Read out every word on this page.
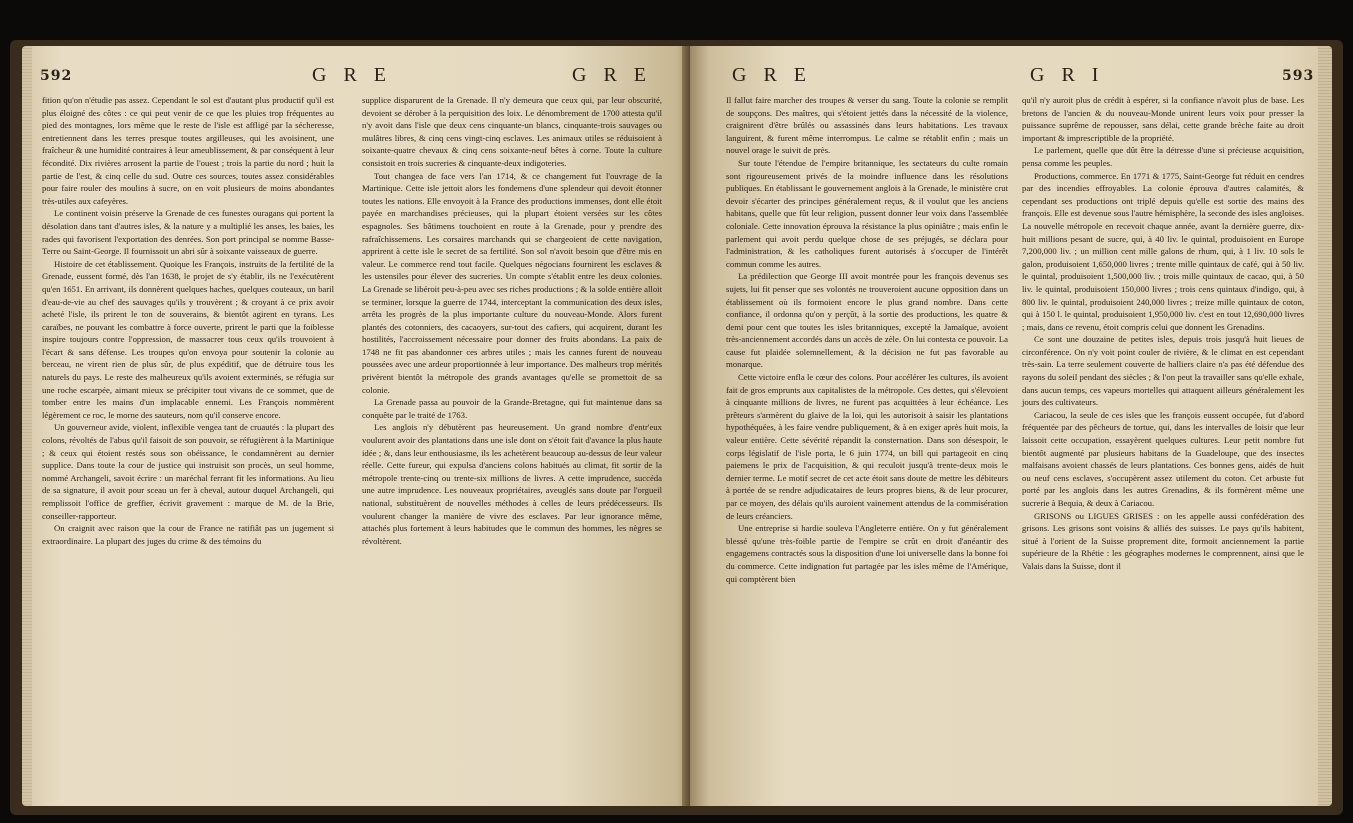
592	G R E	G R E

fition qu'on n'étudie pas assez. Cependant le sol est d'autant plus productif qu'il est plus éloigné des côtes : ce qui peut venir de ce que les pluies trop fréquentes au pied des montagnes, lors même que le reste de l'isle est affligé par la sécheresse, entretiennent dans les terres presque toutes argilleuses, qui les avoisinent, une fraîcheur & une humidité contraires à leur ameublissement, & par conséquent à leur fécondité. Dix rivières arrosent la partie de l'ouest ; trois la partie du nord ; huit la partie de l'est, & cinq celle du sud. Outre ces sources, toutes assez considérables pour faire rouler des moulins à sucre, on en voit plusieurs de moins abondantes très-utiles aux cafeyères.

Le continent voisin préserve la Grenade de ces funestes ouragans qui portent la désolation dans tant d'autres isles, & la nature y a multiplié les anses, les baies, les rades qui favorisent l'exportation des denrées. Son port principal se nomme Basse-Terre ou Saint-George. Il fournissoit un abri sûr à soixante vaisseaux de guerre.

Histoire de cet établissement. Quoique les François, instruits de la fertilité de la Grenade, eussent formé, dès l'an 1638, le projet de s'y établir, ils ne l'exécutèrent qu'en 1651. En arrivant, ils donnèrent quelques haches, quelques couteaux, un baril d'eau-de-vie au chef des sauvages qu'ils y trouvèrent ; & croyant à ce prix avoir acheté l'isle, ils prirent le ton de souverains, & bientôt agirent en tyrans. Les caraïbes, ne pouvant les combattre à force ouverte, prirent le parti que la foiblesse inspire toujours contre l'oppression, de massacrer tous ceux qu'ils trouvoient à l'écart & sans défense. Les troupes qu'on envoya pour soutenir la colonie au berceau, ne virent rien de plus sûr, de plus expéditif, que de détruire tous les naturels du pays. Le reste des malheureux qu'ils avoient exterminés, se réfugia sur une roche escarpée, aimant mieux se précipiter tout vivans de ce sommet, que de tomber entre les mains d'un implacable ennemi. Les François nommèrent légèrement ce roc, le morne des sauteurs, nom qu'il conserve encore.

Un gouverneur avide, violent, inflexible vengea tant de cruautés : la plupart des colons, révoltés de l'abus qu'il faisoit de son pouvoir, se réfugièrent à la Martinique ; & ceux qui étoient restés sous son obéissance, le condamnèrent au dernier supplice. Dans toute la cour de justice qui instruisit son procès, un seul homme, nommé Archangeli, savoit écrire : un maréchal ferrant fit les informations. Au lieu de sa signature, il avoit pour sceau un fer à cheval, autour duquel Archangeli, qui remplissoit l'office de greffier, écrivit gravement : marque de M. de la Brie, conseiller-rapporteur.

On craignit avec raison que la cour de France ne ratifiât pas un jugement si extraordinaire. La plupart des juges du crime & des témoins du

supplice disparurent de la Grenade. Il n'y demeura que ceux qui, par leur obscurité, devoient se dérober à la perquisition des loix. Le dénombrement de 1700 attesta qu'il n'y avoit dans l'isle que deux cens cinquante-un blancs, cinquante-trois sauvages ou mulâtres libres, & cinq cens vingt-cinq esclaves. Les animaux utiles se réduisoient à soixante-quatre chevaux & cinq cens soixante-neuf bêtes à corne. Toute la culture consistoit en trois sucreries & cinquante-deux indigoteries.

Tout changea de face vers l'an 1714, & ce changement fut l'ouvrage de la Martinique. Cette isle jettoit alors les fondemens d'une splendeur qui devoit étonner toutes les nations. Elle envoyoit à la France des productions immenses, dont elle étoit payée en marchandises précieuses, qui la plupart étoient versées sur les côtes espagnoles. Ses bâtimens touchoient en route à la Grenade, pour y prendre des rafraîchissemens. Les corsaires marchands qui se chargeoient de cette navigation, apprirent à cette isle le secret de sa fertilité. Son sol n'avoit besoin que d'être mis en valeur. Le commerce rend tout facile. Quelques négocians fournirent les esclaves & les ustensiles pour élever des sucreries. Un compte s'établit entre les deux colonies. La Grenade se libéroit peu-à-peu avec ses riches productions ; & la solde entière alloit se terminer, lorsque la guerre de 1744, interceptant la communication des deux isles, arrêta les progrès de la plus importante culture du nouveau-Monde. Alors furent plantés des cotonniers, des cacaoyers, sur-tout des cafiers, qui acquirent, durant les hostilités, l'accroissement nécessaire pour donner des fruits abondans. La paix de 1748 ne fit pas abandonner ces arbres utiles ; mais les cannes furent de nouveau poussées avec une ardeur proportionnée à leur importance. Des malheurs trop mérités privèrent bientôt la métropole des grands avantages qu'elle se promettoit de sa colonie.

La Grenade passa au pouvoir de la Grande-Bretagne, qui fut maintenue dans sa conquête par le traité de 1763.

Les anglois n'y débutèrent pas heureusement. Un grand nombre d'entr'eux voulurent avoir des plantations dans une isle dont on s'étoit fait d'avance la plus haute idée ; &, dans leur enthousiasme, ils les achetèrent beaucoup au-dessus de leur valeur réelle. Cette fureur, qui expulsa d'anciens colons habitués au climat, fit sortir de la métropole trente-cinq ou trente-six millions de livres. A cette imprudence, succéda une autre imprudence. Les nouveaux propriétaires, aveuglés sans doute par l'orgueil national, substituèrent de nouvelles méthodes à celles de leurs prédécesseurs. Ils voulurent changer la manière de vivre des esclaves. Par leur ignorance même, attachés plus fortement à leurs habitudes que le commun des hommes, les nègres se révoltèrent.

G R E	G R I	593

Il fallut faire marcher des troupes & verser du sang. Toute la colonie se remplit de soupçons. Des maîtres, qui s'étoient jettés dans la nécessité de la violence, craignirent d'être brûlés ou assassinés dans leurs habitations. Les travaux languirent, & furent même interrompus. Le calme se rétablit enfin ; mais un nouvel orage le suivit de près.

Sur toute l'étendue de l'empire britannique, les sectateurs du culte romain sont rigoureusement privés de la moindre influence dans les résolutions publiques. En établissant le gouvernement anglois à la Grenade, le ministère crut devoir s'écarter des principes généralement reçus, & il voulut que les anciens habitans, quelle que fût leur religion, pussent donner leur voix dans l'assemblée coloniale. Cette innovation éprouva la résistance la plus opiniâtre ; mais enfin le parlement qui avoit perdu quelque chose de ses préjugés, se déclara pour l'administration, & les catholiques furent autorisés à s'occuper de l'intérêt commun comme les autres.

La prédilection que George III avoit montrée pour les françois devenus ses sujets, lui fit penser que ses volontés ne trouveroient aucune opposition dans un établissement où ils formoient encore le plus grand nombre. Dans cette confiance, il ordonna qu'on y perçût, à la sortie des productions, les quatre & demi pour cent que toutes les isles britanniques, excepté la Jamaïque, avoient très-anciennement accordés dans un accès de zèle. On lui contesta ce pouvoir. La cause fut plaidée solemnellement, & la décision ne fut pas favorable au monarque.

Cette victoire enfla le cœur des colons. Pour accélérer les cultures, ils avoient fait de gros emprunts aux capitalistes de la métropole. Ces dettes, qui s'élevoient à cinquante millions de livres, ne furent pas acquittées à leur échéance. Les prêteurs s'armèrent du glaive de la loi, qui les autorisoit à saisir les plantations hypothéquées, à les faire vendre publiquement, & à en exiger après huit mois, la valeur entière. Cette sévérité répandit la consternation. Dans son désespoir, le corps législatif de l'isle porta, le 6 juin 1774, un bill qui partageoit en cinq paiemens le prix de l'acquisition, & qui reculoit jusqu'à trente-deux mois le dernier terme. Le motif secret de cet acte étoit sans doute de mettre les débiteurs à portée de se rendre adjudicataires de leurs propres biens, & de leur procurer, par ce moyen, des délais qu'ils auroient vainement attendus de la commisération de leurs créanciers.

Une entreprise si hardie souleva l'Angleterre entière. On y fut généralement blessé qu'une très-foible partie de l'empire se crût en droit d'anéantir des engagemens contractés sous la disposition d'une loi universelle dans la bonne foi du commerce. Cette indignation fut partagée par les isles même de l'Amérique, qui comptèrent bien

qu'il n'y auroit plus de crédit à espérer, si la confiance n'avoit plus de base. Les bretons de l'ancien & du nouveau-Monde unirent leurs voix pour presser la puissance suprême de repousser, sans délai, cette grande brèche faite au droit important & imprescriptible de la propriété.

Le parlement, quelle que dût être la détresse d'une si précieuse acquisition, pensa comme les peuples.

Productions, commerce. En 1771 & 1775, Saint-George fut réduit en cendres par des incendies effroyables. La colonie éprouva d'autres calamités, & cependant ses productions ont triplé depuis qu'elle est sortie des mains des françois. Elle est devenue sous l'autre hémisphère, la seconde des isles angloises. La nouvelle métropole en recevoit chaque année, avant la dernière guerre, dix-huit millions pesant de sucre, qui, à 40 liv. le quintal, produisoient en Europe 7,200,000 liv. ; un million cent mille galons de rhum, qui, à 1 liv. 10 sols le galon, produisoient 1,650,000 livres ; trente mille quintaux de café, qui à 50 liv. le quintal, produisoient 1,500,000 liv. ; trois mille quintaux de cacao, qui, à 50 liv. le quintal, produisoient 150,000 livres ; trois cens quintaux d'indigo, qui, à 800 liv. le quintal, produisoient 240,000 livres ; treize mille quintaux de coton, qui à 150 l. le quintal, produisoient 1,950,000 liv. c'est en tout 12,690,000 livres ; mais, dans ce revenu, étoit compris celui que donnent les Grenadins.

Ce sont une douzaine de petites isles, depuis trois jusqu'à huit lieues de circonférence. On n'y voit point couler de rivière, & le climat en est cependant très-sain. La terre seulement couverte de halliers claire n'a pas été défendue des rayons du soleil pendant des siècles ; & l'on peut la travailler sans qu'elle exhale, dans aucun temps, ces vapeurs mortelles qui attaquent ailleurs généralement les jours des cultivateurs.

Cariacou, la seule de ces isles que les françois eussent occupée, fut d'abord fréquentée par des pêcheurs de tortue, qui, dans les intervalles de loisir que leur laissoit cette occupation, essayèrent quelques cultures. Leur petit nombre fut bientôt augmenté par plusieurs habitans de la Guadeloupe, que des insectes malfaisans avoient chassés de leurs plantations. Ces bonnes gens, aidés de huit ou neuf cens esclaves, s'occupèrent assez utilement du coton. Cet arbuste fut porté par les anglois dans les autres Grenadins, & ils formèrent même une sucrerie à Bequia, & deux à Cariacou.

GRISONS ou LIGUES GRISES : on les appelle aussi confédération des grisons. Les grisons sont voisins & alliés des suisses. Le pays qu'ils habitent, situé à l'orient de la Suisse proprement dite, formoit anciennement la partie supérieure de la Rhétie : les géographes modernes le comprennent, ainsi que le Valais dans la Suisse, dont il
